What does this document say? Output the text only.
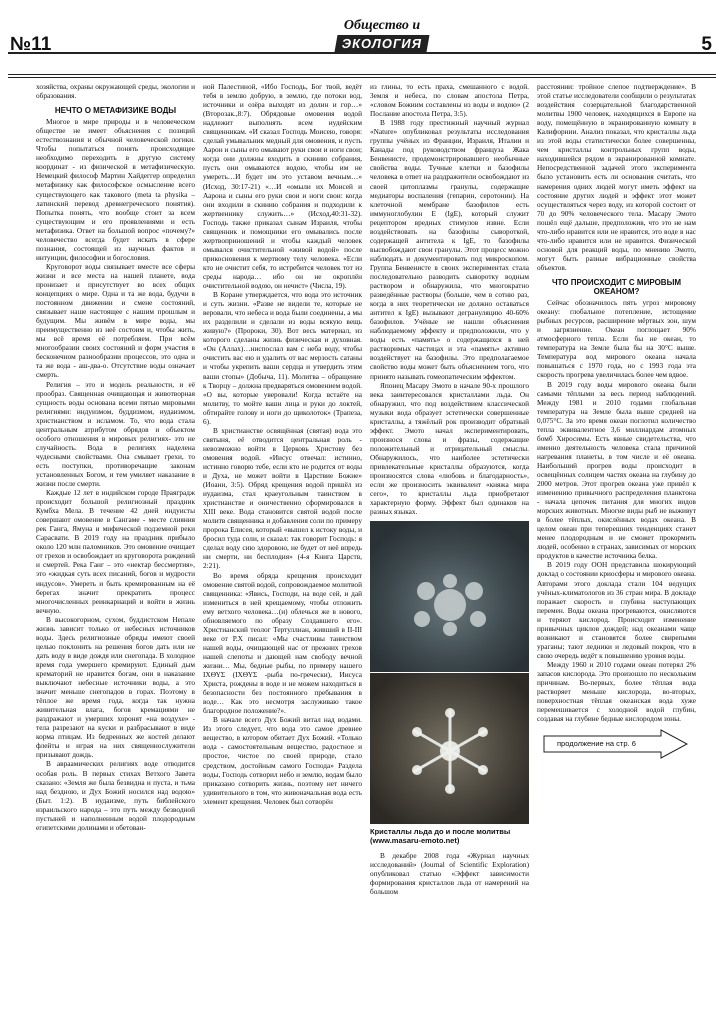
№11
Общество и
ЭКОЛОГИЯ	5

хозяйства, охраны окружающей среды, экологии и образования.

НЕЧТО О МЕТАФИЗИКЕ ВОДЫ

Многое в мире природы и в человеческом обществе не имеет объяснения с позиций естествознания и обычной человеческой логики. Чтобы попытаться понять происходящее необходимо переходить в другую систему координат - из физической в метафизическую. Немецкий философ Мартин Хайдеггер определил метафизику как философское осмысление всего существующего как такового (meta ta physika – латинский перевод древнегреческого понятия). Попытка понять, что вообще стоит за всем существующим и его проявлениями и есть метафизика. Ответ на большой вопрос «почему?» человечество всегда будет искать в сфере познания, состоящей из научных фактов и интуиции, философии и богословия.

Круговорот воды связывает вместе все сферы жизни и все места на нашей планете, вода пронизает и присутствует во всех общих концепциях о мире. Одна и та же вода, будучи в постоянном движении и смене состояний, связывает наше настоящее с нашим прошлым и будущим. Мы живём в мире воды, мы преимущественно из неё состоим и, чтобы жить, мы всё время её потребляем. При всём многообразии своих состояний и форм участия в бесконечном разнообразии процессов, это одна и та же вода - аш-два-о. Отсутствие воды означает смерть.

Религия – это и модель реальности, и её прообраз. Священная очищающая и животворная сущность воды основана всеми пятью мировыми религиями: индуизмом, буддизмом, иудаизмом, христианством и исламом. То, что вода стала центральным атрибутом обрядов и объектом особого отношения в мировых религиях- это не случайность. Вода в религиях наделена чудесными свойствами. Она смывает грехи, то есть поступки, противоречащие законам установленных Богом, и тем умиляет наказание в жизни после смерти.

Каждые 12 лет в индийском городе Праяградж происходит большой религиозный праздник Кумбха Мела. В течение 42 дней индуисты совершают омовение в Сангаме - месте слияния рек Ганга, Ямуна и мифической подземной реки Сарасвати. В 2019 году на праздник прибыло около 120 млн паломников. Это омовение очищает от грехов и освобождает из круговорота рождений и смертей. Река Ганг – это «нектар бессмертия», это «жидкая суть всех писаний, богов и мудрости индусов». Умереть и быть кремированным на её берегах значит прекратить процесс многочисленных реинкарнаций и войти в жизнь вечную.

В высокогорном, сухом, буддистском Непале жизнь зависит только от небесных источников воды. Здесь религиозные обряды имеют своей целью поклонить на решения богов дать или не дать воду в виде дождя или снегопада. В холодное время года умершего кремируют. Единый дым крематорий не нравится богам, они в наказание выключают небесные источники воды, а это значит меньше снегопадов в горах. Поэтому в тёплое же время года, когда так нужна живительная влага, богов кремациями не раздражают и умерших хоронят «на воздухе» - тела разрезают на куски и разбрасывают в виде корма птицам. Из бедренных же костей делают флейты и играя на них священнослужители призывают дождь.

В авраамических религиях воде отводится особая роль. В первых стихах Ветхого Завета сказано: «Земля же была безвидна и пуста, и тьма над бездною, и Дух Божий носился над водою» (Быт. 1:2). В иудаизме, путь библейского израильского народа – это путь между безводной пустыней и наполненным водой плодородным египетскими долинами и обетован-

ной Палестиной, «Ибо Господь, Бог твой, ведёт тебя в землю добрую, в землю, где потоки вод, источники и озёра выходят из долин и гор…» (Второзак.,8:7). Обрядовые омовения водой надлежит выполнять всем иудейским священникам. «И сказал Господь Моисею, говоря: сделай умывальник медный для омовения, и пусть Аарон и сыны его омывают руки свои и ноги свои; когда они должны входить в скинию собрания, пусть они омываются водою, чтобы им не умереть…И будет им это уставом вечным…» (Исход, 30:17-21) «…И «омыли их Моисей и Аарона и сыны его руки свои и ноги свои: когда они входили в скинию собрания и подходили к жертвеннику служить…» (Исход,40:31-32). Господь также приказал сынам Израиля, чтобы священник и помощники его омывались после жертвоприношений и чтобы каждый человек омывался очистительной «живой водой» после прикосновения к мертвому телу человека. «Если кто не очистит себя, то истребится человек тот из среды народа… ибо он не окроплён очистительной водою, он нечист» (Числа, 19).

В Коране утверждается, что вода это источник и суть жизни. «Разве не видели те, которые не веровали, что небеса и вода были соединены, а мы их разделили и сделали из воды всякую вещь живую?» (Пророки, 30). Вот весь материал, из которого сделаны жизнь физическая и духовная. «Он (Аллах)…ниспослал вам с неба воду, чтобы очистить вас ею и удалить от вас мерзость сатаны и чтобы укрепить ваши сердца и утвердить этим ваши стопы» (Добыча, 11). Молитва – обращение к Творцу – должна предваряться омовением водой. «О вы, которые уверовали! Когда встаёте на молитву, то мойте ваши лица и руки до локтей, обтирайте голову и ноги до щиколоток» (Трапеза, 6).

В христианстве освящённая (святая) вода это святыня, её отводится центральная роль - невозможно войти в Церковь Христову без омовения водой. «Иисус отвечал: истинно, истинно говорю тебе, если кто не родится от воды и Духа, не может войти в Царствие Божие» (Иоанн, 3:5). Обряд крещения водой пришёл из иудаизма, стал краеугольным таинством в христианстве и оничественно сформировался в XIII веке. Вода становится святой водой после молитв священника и добавления соли по примеру пророка Елисея, который «вышел к истоку воды, и бросил туда соли, и сказал: так говорит Господь: я сделал воду сию здоровою, не будет от неё впредь ни смерти, ни бесплодия» (4-я Книга Царств, 2:21).

Во время обряда крещения происходит омовение святой водой, сопровождаемое молитвой священника: «Явись, Господи, на воде сей, и дай измениться в ней крещаемому, чтобы отложить ему ветхого человека…(и) облечься же в нового, обновляемого по образу Создавшего его». Христианский теолог Тертуллиан, живший в II-III веке от Р.Х писал: «Мы счастливы таинством нашей воды, очищающей нас от прежних грехов нашей слепоты и дающей нам свободу вечной жизни… Мы, бедные рыбы, по примеру нашего ІХΘΥΣ (ΙΧΘΥΣ -рыба по-гречески), Иисуса Христа, рождены в воде и не можем находиться в безопасности без постоянного пребывания в воде… Как это несмотря заслуживаю такое благородное положение?».

В начале всего Дух Божий витал над водами. Из этого следует, что вода это самое древнее вещество, в котором обитает Дух Божий. «Только вода - самостоятельным вещество, радостное и простое, чистое по своей природе, стало средством, достойным самого Господа» Раздела воды, Господь сотворил небо и землю, водам было приказано сотворить жизнь, поэтому нет ничего удивительного в том, что живоначальная вода есть элемент крещения. Человек был сотворён

из глины, то есть праха, смешанного с водой. Земля и небеса, по словам апостола Петра, «словом Божиим составлены из воды и водою» (2 Послание апостола Петра, 3:5).

В 1988 году престижный научный журнал «Nature» опубликовал результаты исследования группы учёных из Франции, Израиля, Италии и Канады под руководством француза Жака Бенвенисте, продемонстрировавшего необычные свойства воды. Тучные клетки и базофилы человека в ответ на раздражители освобождают из своей цитоплазмы гранулы, содержащие медиаторы воспаления (гепарин, серотонин). На клеточной мембране базофилов есть иммуноглобулин E (IgE), который служит рецептором вредных стимулов извне. Если воздействовать на базофилы сывороткой, содержащей антитела к IgE, то базофилы высвобождают свои гранулы. Этот процесс можно наблюдать и документировать под микроскопом. Группа Бенвенисте в своих экспериментах стала последовательно разводить сыворотку водным раствором и обнаружила, что многократно разведённые растворы (больше, чем в сотню раз, когда в них теоретически не должно оставаться антител к IgE) вызывают дегрануляцию 40-60% базофилов. Учёные не нашли объяснения наблюдаемому эффекту и предположили, что у воды есть «память» о содержащихся в ней растворимых частицах и эта «память» активно воздействует на базофилы. Это предполагаемое свойство воды может быть объяснением того, что принято называть гомеопатическим эффектом.

Японец Масару Эмото в начале 90-х прошлого века заинтересовался кристаллами льда. Он обнаружил, что под воздействием классической музыки вода образует эстетически совершенные кристаллы, а тяжёлый рок производит обратный эффект. Эмото начал экспериментировать, произнося слова и фразы, содержащие положительный и отрицательный смыслы. Обнаружилось, что наиболее эстетически привлекательные кристаллы образуются, когда произносятся слова «любовь и благодарность», если же произносить эквивалент «княжа мира сего», то кристаллы льда приобретают характерную форму. Эффект был одинаков на разных языках.

Кристаллы льда до и после молитвы (www.masaru-emoto.net)

В декабре 2008 года «Журнал научных исследований» (Journal of Scientific Exploration) опубликовал статью «Эффект зависимости формирования кристаллов льда от намерений на большом

расстоянии: тройное слепое подтверждение». В этой статье исследователи сообщили о результатах воздействия созерцательной благодарственной молитвы 1900 человек, находящихся в Европе на воду, помещённую в экранированную комнату в Калифорнии. Анализ показал, что кристаллы льда из этой воды статистически более совершенны, чем кристаллы контрольных групп воды, находившейся рядом в экранированной комнате. Непосредственной задачей этого эксперимента было установить есть ли основания считать, что намерения одних людей могут иметь эффект на состояние других людей и эффект этот может осуществляться через воду, из которой состоит от 70 до 90% человеческого тела. Масару Эмото пошёл ещё дальше, предположив, что это не нам что-либо нравится или не нравится, это воде в нас что-либо нравится или не нравится. Физической основой для реакций воды, по мнению Эмото, могут быть разные вибрационные свойства объектов.

ЧТО ПРОИСХОДИТ С МИРОВЫМ ОКЕАНОМ?

Сейчас обозначилось пять угроз мировому океану: глобальное потепление, истощение рыбных ресурсов, расширение мёртвых зон, шум и загрязнение. Океан поглощает 90% атмосферного тепла. Если бы не океан, то температура на Земле была бы на 30°С выше. Температура вод мирового океана начала повышаться с 1970 года, но с 1993 года эта скорость прогрева увеличилась более чем вдвое.

В 2019 году воды мирового океана были самыми тёплыми за весь период наблюдений. Между 1981 и 2010 годами глобальная температура на Земле была выше средней на 0,075°С. За это время океан поглотил количество тепла эквивалентное 3,6 миллиардам атомных бомб Хиросимы. Есть явные свидетельства, что именно деятельность человека стала причиной нагревания планеты, в том числе и её океана. Наибольший прогрев воды происходит в освещённых солнцем частях океана на глубину до 2000 метров. Этот прогрев океана уже привёл к изменению привычного распределения планктона - начала цепочек питания для многих видов морских животных. Многие виды рыб не выживут в более тёплых, окислённых водах океана. В целом океан при теперешних тенденциях станет менее плодородным и не сможет прокормить людей, особенно в странах, зависимых от морских продуктов в качестве источника белка.

В 2019 году ООН представила шокирующий доклад о состоянии криосферы и мирового океана. Авторами этого доклада стали 104 ведущих учёных-климатологов из 36 стран мира. В докладе поражает скорость и глубина наступающих перемен. Воды океана прогреваются, окисляются и теряют кислород. Происходит изменение привычных циклов дождей; над океанами чаще возникают и становятся более свирепыми ураганы; тают ледники и ледовый покров, что в свою очередь ведёт к повышению уровня воды.

Между 1960 и 2010 годами океан потерял 2% запасов кислорода. Это произошло по нескольким причинам. Во-первых, более тёплая вода растворяет меньше кислорода, во-вторых, поверхностная тёплая океанская вода хуже перемешивается с холодной водой глубин, создавая на глубине бедные кислородом зоны.

продолжение на стр. 6
